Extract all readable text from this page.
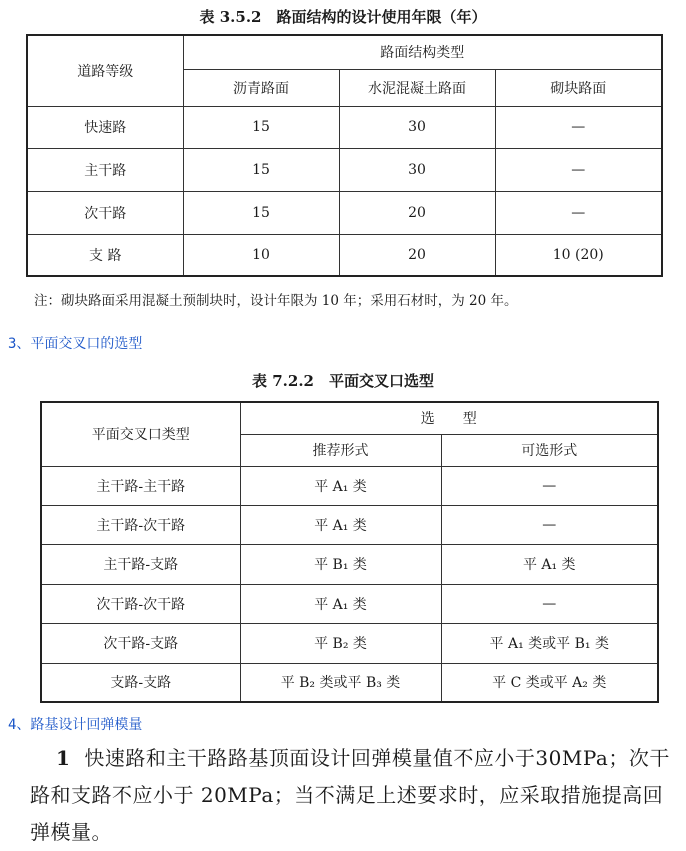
表 3.5.2　路面结构的设计使用年限（年）
道路等级	路面结构类型		
	沥青路面	水泥混凝土路面	砌块路面
快速路	15	30	—
主干路	15	30	—
次干路	15	20	—
支 路	10	20	10 (20)
注：砌块路面采用混凝土预制块时，设计年限为 10 年；采用石材时，为 20 年。
3、平面交叉口的选型
表 7.2.2　平面交叉口选型
平面交叉口类型	选　　型	
	推荐形式	可选形式
主干路-主干路	平 A₁ 类	—
主干路-次干路	平 A₁ 类	—
主干路-支路	平 B₁ 类	平 A₁ 类
次干路-次干路	平 A₁ 类	—
次干路-支路	平 B₂ 类	平 A₁ 类或平 B₁ 类
支路-支路	平 B₂ 类或平 B₃ 类	平 C 类或平 A₂ 类
4、路基设计回弹模量
1 快速路和主干路路基顶面设计回弹模量值不应小于30MPa；次干路和支路不应小于 20MPa；当不满足上述要求时，应采取措施提高回弹模量。
